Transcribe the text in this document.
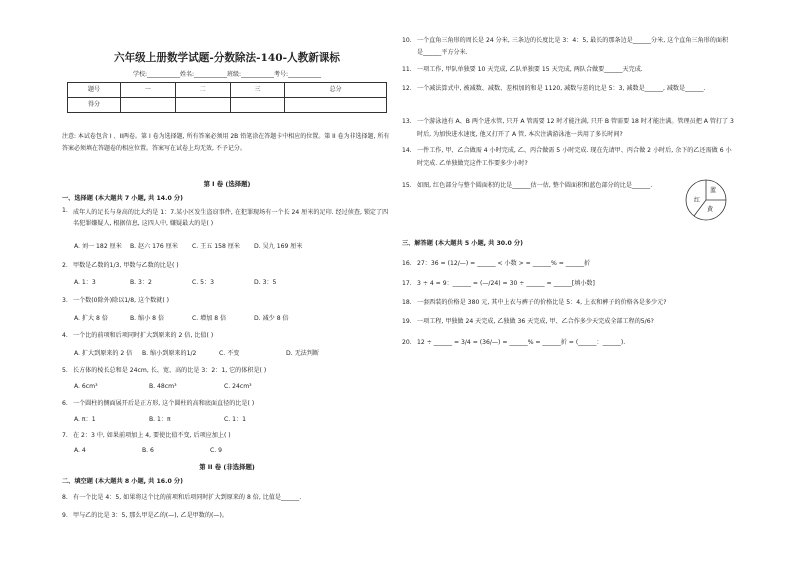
六年级上册数学试题-分数除法-140-人教新课标
学校:___________姓名:___________班级:___________考号:___________
题号	一	二	三	总分
得分				
注意: 本试卷包含 I 、II两卷。第 I 卷为选择题, 所有答案必须用 2B 铅笔涂在答题卡中相应的位置。第 II 卷为非选择题, 所有答案必须填在答题卷的相应位置。答案写在试卷上均无效, 不予记分。
第 I 卷 (选择题)
一、选择题 (本大题共 7 小题, 共 14.0 分)
1. 成年人的足长与身高的比大约是 1：7.某小区发生盗窃事件, 在犯罪现场有一个长 24 厘米的足印. 经过侦查, 锁定了四名犯罪嫌疑人, 根据信息, 这四人中, 嫌疑最大的是( )
A. 刘一 182 厘米 B. 赵六 176 厘米 C. 王五 158 厘米 D. 吴九 169 厘米
2. 甲数是乙数的1/3, 甲数与乙数的比是( )
A. 1：3	B. 3：2	C. 5：3	D. 3：5
3. 一个数(0除外)除以1/8, 这个数就( )
A. 扩大 8 倍	B. 缩小 8 倍	C. 增加 8 倍	D. 减少 8 倍
4. 一个比的前项和后项同时扩大到原来的 2 倍, 比值( )
A. 扩大到原来的 2 倍 B. 缩小到原来的1/2	C. 不变	D. 无法判断
5. 长方体的棱长总和是 24cm, 长、宽、高的比是 3：2：1, 它的体积是( )
A. 6cm³	B. 48cm³	C. 24cm³
6. 一个圆柱的侧面展开后是正方形, 这个圆柱的高和底面直径的比是( )
A. π：1	B. 1：π	C. 1：1
7. 在 2：3 中, 如果前项加上 4, 要使比值不变, 后项应加上( )
A. 4	B. 6	C. 9
第 II 卷 (非选择题)
二、填空题 (本大题共 8 小题, 共 16.0 分)
8. 有一个比是 4：5, 如果将这个比的前项和后项同时扩大到原来的 8 倍, 比值是______.
9. 甲与乙的比是 3：5, 那么甲是乙的(—), 乙是甲数的(—)。
10. 一个直角三角形的周长是 24 分米, 三条边的长度比是 3：4：5, 最长的那条边是______分米, 这个直角三角形的面积是______平方分米.
11. 一项工作, 甲队单独要 10 天完成, 乙队单独要 15 天完成, 两队合做要______天完成.
12. 一个减法算式中, 被减数、减数、差相加的和是 1120, 减数与差的比是 5：3, 减数是______, 减数是______.
13. 一个游泳池有 A、B 两个进水管, 只开 A 管需要 12 时才能注满, 只开 B 管需要 18 时才能注满。管理员把 A 管打了 3 时后, 为加快进水速度, 他又打开了 A 管, 本次注满游泳池一共用了多长时间?
14. 一件工作, 甲、乙合做需 4 小时完成, 乙、丙合做需 5 小时完成. 现在先请甲、丙合做 2 小时后, 余下的乙还需做 6 小时完成. 乙单独做完这件工作要多少小时?
15. 如图, 红色部分与整个圆面积的比是______估一估, 整个圆面积和蓝色部分的比是______.
红
蓝
黄
三、解答题 (本大题共 5 小题, 共 30.0 分)
16. 27：36 = (12/—) = ______ < 小数 > = ______% = ______折
17. 3 ÷ 4 = 9：______ = (—/24) = 30 ÷ ______ = ______[填小数]
18. 一套西装的价格是 380 元, 其中上衣与裤子的价格比是 5：4, 上衣和裤子的价格各是多少元?
19. 一项工程, 甲独做 24 天完成, 乙独做 36 天完成, 甲、乙合作多少天完成全部工程的5/6?
20. 12 ÷ ______ = 3/4 = (36/—) = ______% = ______折 = (______：______).
